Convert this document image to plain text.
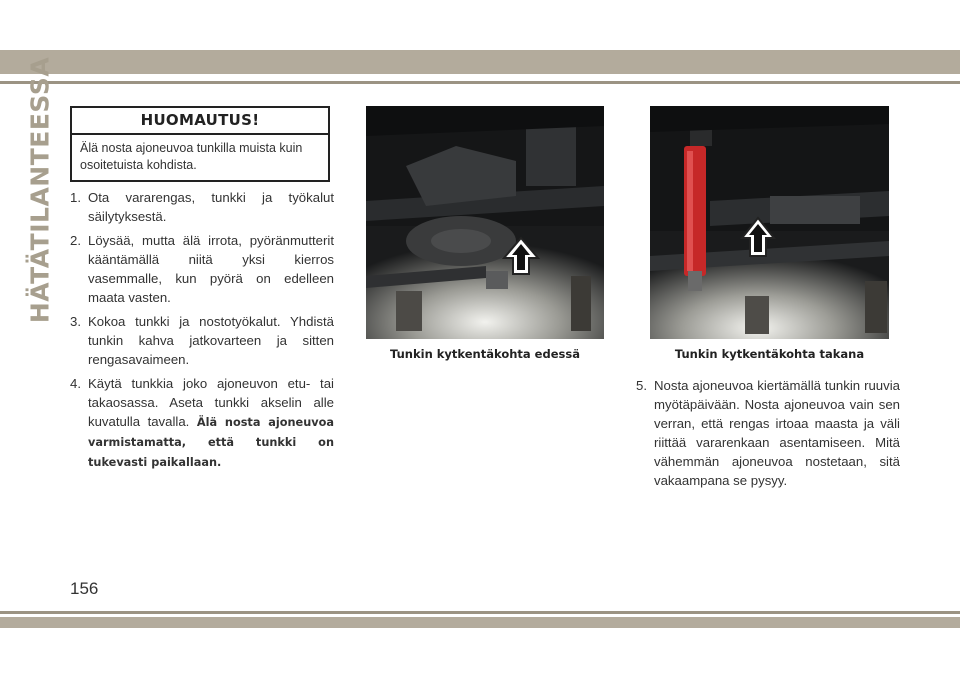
HÄTÄTILANTEESSA	HUOMAUTUS!
Älä nosta ajoneuvoa tunkilla muista kuin osoitetuista kohdista.
1. Ota vararengas, tunkki ja työkalut säilytyksestä.
2. Löysää, mutta älä irrota, pyöränmutterit kääntämällä niitä yksi kierros vasemmalle, kun pyörä on edelleen maata vasten.
3. Kokoa tunkki ja nostotyökalut. Yhdistä tunkin kahva jatkovarteen ja sitten rengasavaimeen.
4. Käytä tunkkia joko ajoneuvon etu- tai takaosassa. Aseta tunkki akselin alle kuvatulla tavalla. Älä nosta ajoneuvoa varmistamatta, että tunkki on tukevasti paikallaan.
Tunkin kytkentäkohta edessä	Tunkin kytkentäkohta takana
5. Nosta ajoneuvoa kiertämällä tunkin ruuvia myötäpäivään. Nosta ajoneuvoa vain sen verran, että rengas irtoaa maasta ja väli riittää vararenkaan asentamiseen. Mitä vähemmän ajoneuvoa nostetaan, sitä vakaampana se pysyy.
156
